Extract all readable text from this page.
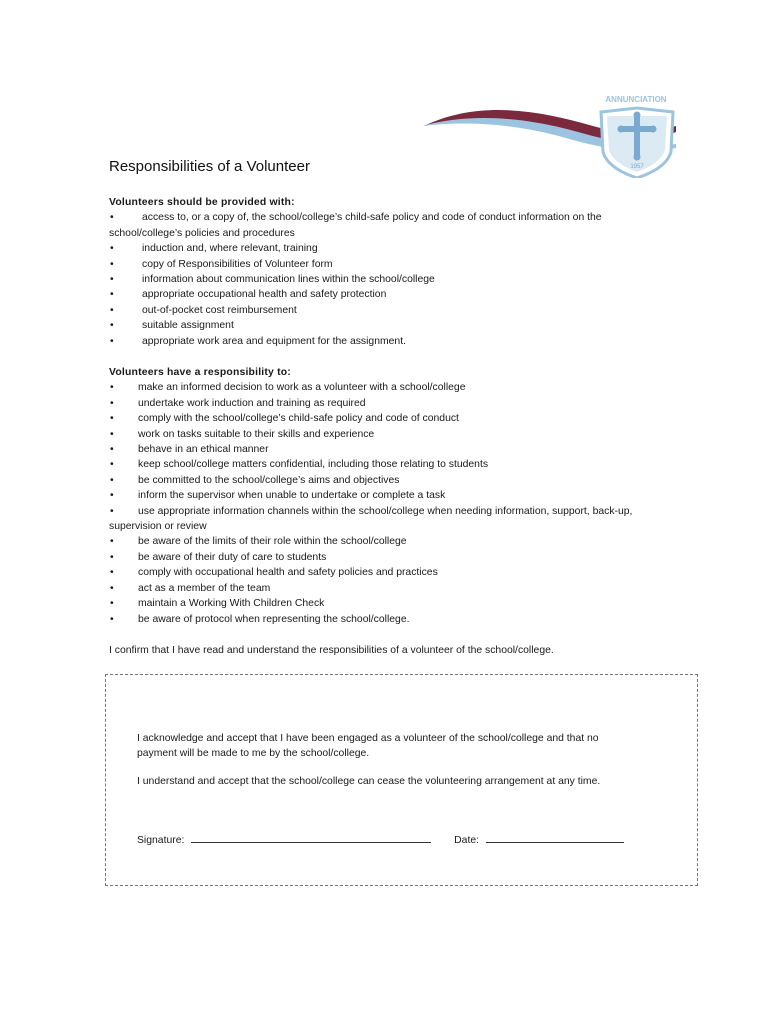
1957
ANNUNCIATION
Responsibilities of a Volunteer

Volunteers should be provided with:

•	access to, or a copy of, the school/college’s child-safe policy and code of conduct information on the
school/college’s policies and procedures
•	induction and, where relevant, training
•	copy of Responsibilities of Volunteer form
•	information about communication lines within the school/college
•	appropriate occupational health and safety protection
•	out-of-pocket cost reimbursement
•	suitable assignment
•	appropriate work area and equipment for the assignment.

Volunteers have a responsibility to:

• make an informed decision to work as a volunteer with a school/college
• undertake work induction and training as required
• comply with the school/college’s child-safe policy and code of conduct
• work on tasks suitable to their skills and experience
• behave in an ethical manner
• keep school/college matters confidential, including those relating to students
• be committed to the school/college’s aims and objectives
• inform the supervisor when unable to undertake or complete a task
• use appropriate information channels within the school/college when needing information, support, back-up,
supervision or review
• be aware of the limits of their role within the school/college
• be aware of their duty of care to students
• comply with occupational health and safety policies and practices
• act as a member of the team
• maintain a Working With Children Check
• be aware of protocol when representing the school/college.

I confirm that I have read and understand the responsibilities of a volunteer of the school/college.

I acknowledge and accept that I have been engaged as a volunteer of the school/college and that no payment will be made to me by the school/college.

I understand and accept that the school/college can cease the volunteering arrangement at any time.

Signature:	Date:
